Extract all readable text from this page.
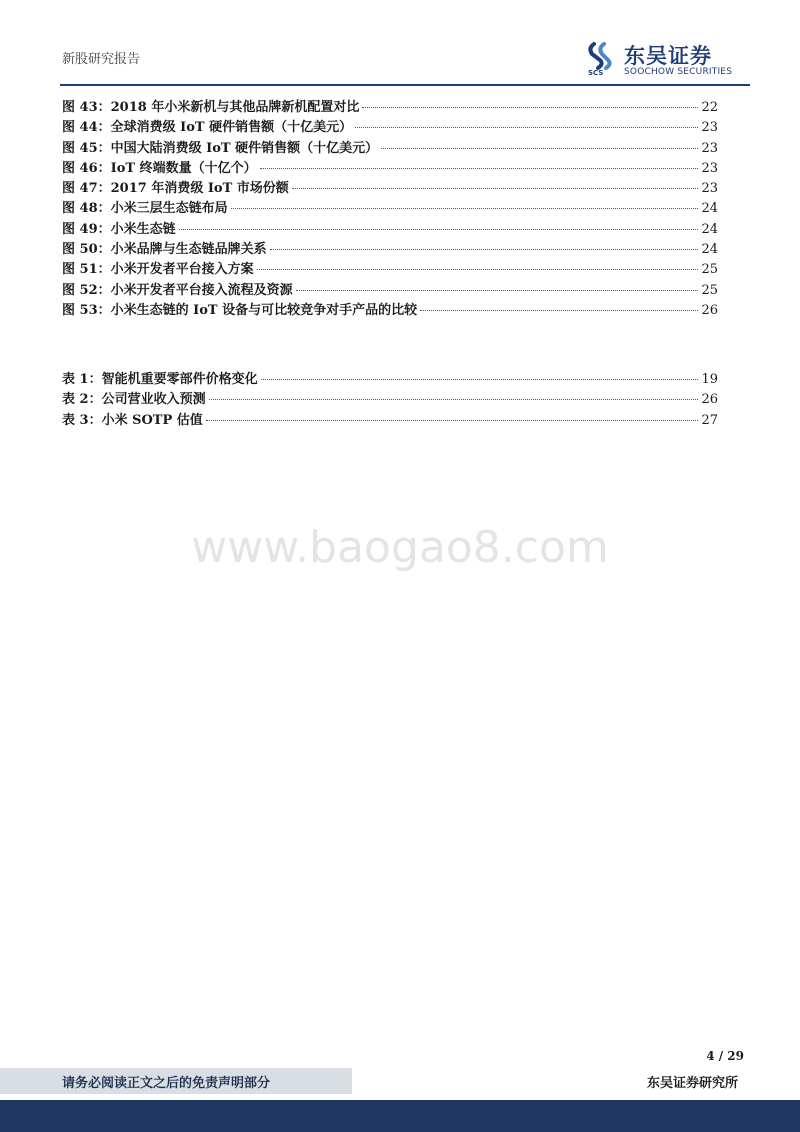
新股研究报告
SCS
东吴证券
SOOCHOW SECURITIES
图 43：2018 年小米新机与其他品牌新机配置对比	22
图 44：全球消费级 IoT 硬件销售额（十亿美元）	23
图 45：中国大陆消费级 IoT 硬件销售额（十亿美元）	23
图 46：IoT 终端数量（十亿个）	23
图 47：2017 年消费级 IoT 市场份额	23
图 48：小米三层生态链布局	24
图 49：小米生态链	24
图 50：小米品牌与生态链品牌关系	24
图 51：小米开发者平台接入方案	25
图 52：小米开发者平台接入流程及资源	25
图 53：小米生态链的 IoT 设备与可比较竞争对手产品的比较	26
表 1：智能机重要零部件价格变化	19
表 2：公司营业收入预测	26
表 3：小米 SOTP 估值	27
www.baogao8.com
4 / 29
请务必阅读正文之后的免责声明部分	东吴证券研究所
